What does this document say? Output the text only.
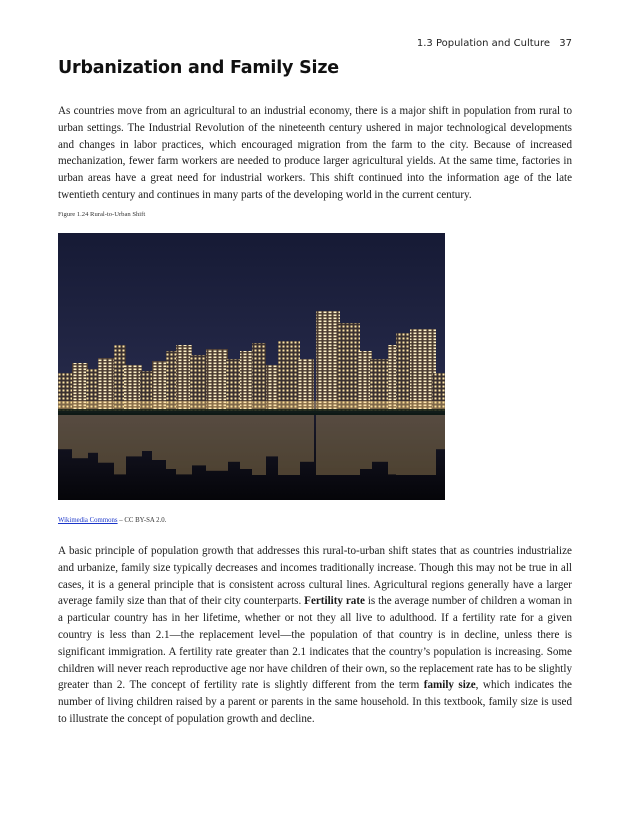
1.3 Population and Culture 37
Urbanization and Family Size

As countries move from an agricultural to an industrial economy, there is a major shift in population from rural to urban settings. The Industrial Revolution of the nineteenth century ushered in major technological developments and changes in labor practices, which encouraged migration from the farm to the city. Because of increased mechanization, fewer farm workers are needed to produce larger agricultural yields. At the same time, factories in urban areas have a great need for industrial workers. This shift continued into the information age of the late twentieth century and continues in many parts of the developing world in the current century.

Figure 1.24 Rural-to-Urban Shift
Wikimedia Commons – CC BY-SA 2.0.

A basic principle of population growth that addresses this rural-to-urban shift states that as countries industrialize and urbanize, family size typically decreases and incomes traditionally increase. Though this may not be true in all cases, it is a general principle that is consistent across cultural lines. Agricultural regions generally have a larger average family size than that of their city counterparts. Fertility rate is the average number of children a woman in a particular country has in her lifetime, whether or not they all live to adulthood. If a fertility rate for a given country is less than 2.1—the replacement level—the population of that country is in decline, unless there is significant immigration. A fertility rate greater than 2.1 indicates that the country’s population is increasing. Some children will never reach reproductive age nor have children of their own, so the replacement rate has to be slightly greater than 2. The concept of fertility rate is slightly different from the term family size, which indicates the number of living children raised by a parent or parents in the same household. In this textbook, family size is used to illustrate the concept of population growth and decline.
